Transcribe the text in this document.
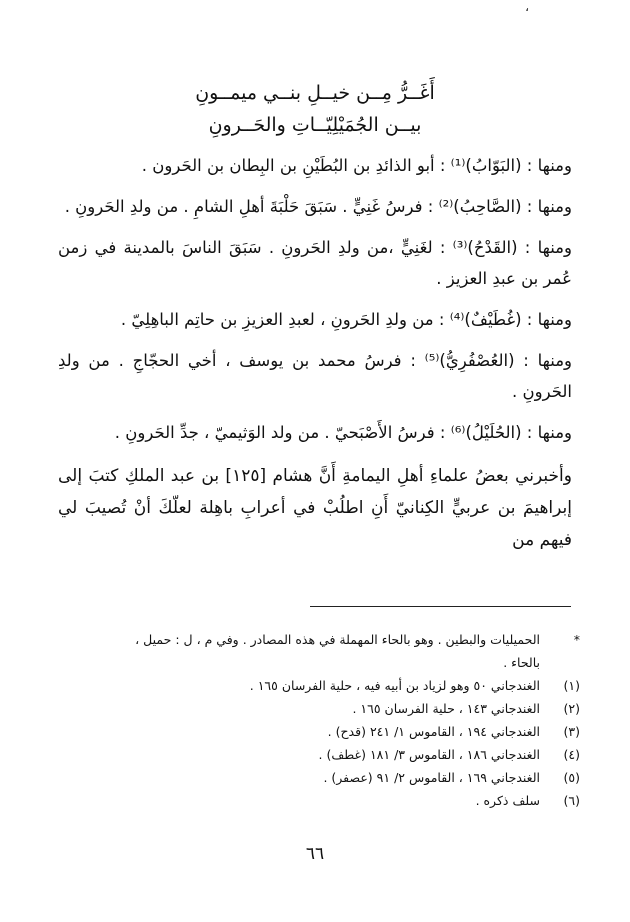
،
أَغَــرُّ مِــن خيــلِ بنــي ميمــونِ
بيــن الجُمَيْلِيّــاتِ والحَــرونِ

ومنها : (البَوّابُ)⁽¹⁾ : أبو الذائدِ بن البُطَيْنِ بن البِطان بن الحَرون .

ومنها : (الصَّاحِبُ)⁽²⁾ : فرسُ غَنِيٍّ . سَبَقَ حَلْبَةَ أهلِ الشامِ . من ولدِ الحَرونِ .

ومنها : (القَدْحُ)⁽³⁾ : لغَنِيٍّ ،من ولدِ الحَرونِ . سَبَقَ الناسَ بالمدينة في زمن عُمر بن عبدِ العزيز .

ومنها : (غُطَيْفٌ)⁽⁴⁾ : من ولدِ الحَرونِ ، لعبدِ العزيزِ بن حاتِم الباهِلِيّ .

ومنها : (العُصْفُرِيُّ)⁽⁵⁾ : فرسُ محمد بن يوسف ، أخي الحجّاجِ . من ولدِ الحَرونِ .

ومنها : (الحُلَيْلُ)⁽⁶⁾ : فرسُ الأَصْبَحيّ . من ولد الوَثيميّ ، جدِّ الحَرونِ .

وأخبرني بعضُ علماءِ أهلِ اليمامةِ أَنَّ هشام [١٢٥] بن عبد الملكِ كتبَ إلى إبراهيمَ بن عربيٍّ الكِنانيّ أَنِ اطلُبْ في أعرابِ باهِلة لعلّكَ أنْ تُصيبَ لي فيهم من

*
الحميليات والبطين . وهو بالحاء المهملة في هذه المصادر . وفي م ، ل : حميل ، بالحاء .
(١)
الغندجاني ٥٠ وهو لزياد بن أبيه فيه ، حلية الفرسان ١٦٥ .
(٢)
الغندجاني ١٤٣ ، حلية الفرسان ١٦٥ .
(٣)
الغندجاني ١٩٤ ، القاموس ١/ ٢٤١ (قدح) .
(٤)
الغندجاني ١٨٦ ، القاموس ٣/ ١٨١ (غطف) .
(٥)
الغندجاني ١٦٩ ، القاموس ٢/ ٩١ (عصفر) .
(٦)
سلف ذكره .
٦٦
